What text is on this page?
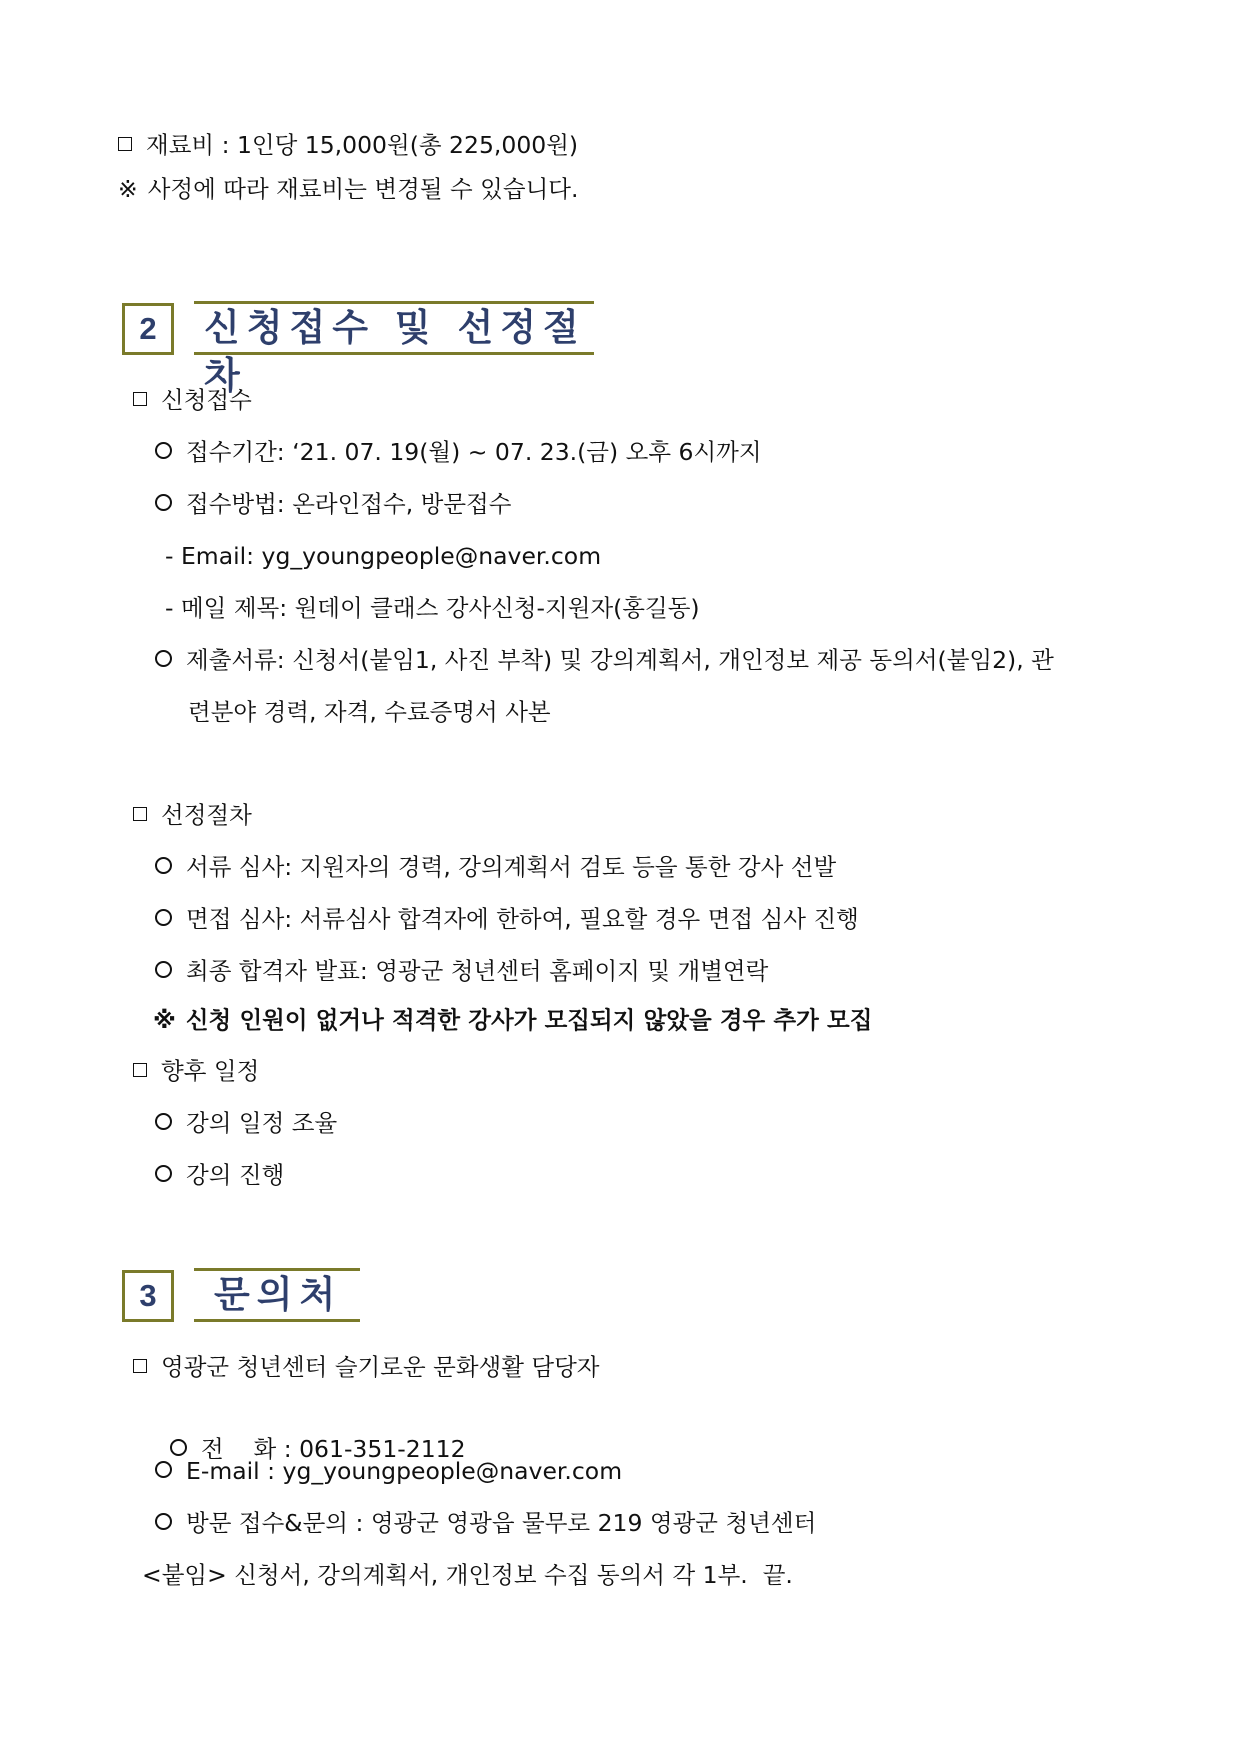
재료비 : 1인당 15,000원(총 225,000원)
※ 사정에 따라 재료비는 변경될 수 있습니다.
2	신청접수 및 선정절차
신청접수
접수기간: ‘21. 07. 19(월) ~ 07. 23.(금) 오후 6시까지
접수방법: 온라인접수, 방문접수
- Email: yg_youngpeople@naver.com
- 메일 제목: 원데이 클래스 강사신청-지원자(홍길동)
제출서류: 신청서(붙임1, 사진 부착) 및 강의계획서, 개인정보 제공 동의서(붙임2), 관
련분야 경력, 자격, 수료증명서 사본
선정절차
서류 심사: 지원자의 경력, 강의계획서 검토 등을 통한 강사 선발
면접 심사: 서류심사 합격자에 한하여, 필요할 경우 면접 심사 진행
최종 합격자 발표: 영광군 청년센터 홈페이지 및 개별연락
※ 신청 인원이 없거나 적격한 강사가 모집되지 않았을 경우 추가 모집
향후 일정
강의 일정 조율
강의 진행
3	문의처
영광군 청년센터 슬기로운 문화생활 담당자

전    화 : 061-351-2112

E-mail : yg_youngpeople@naver.com
방문 접수&문의 : 영광군 영광읍 물무로 219 영광군 청년센터
<붙임> 신청서, 강의계획서, 개인정보 수집 동의서 각 1부.  끝.
